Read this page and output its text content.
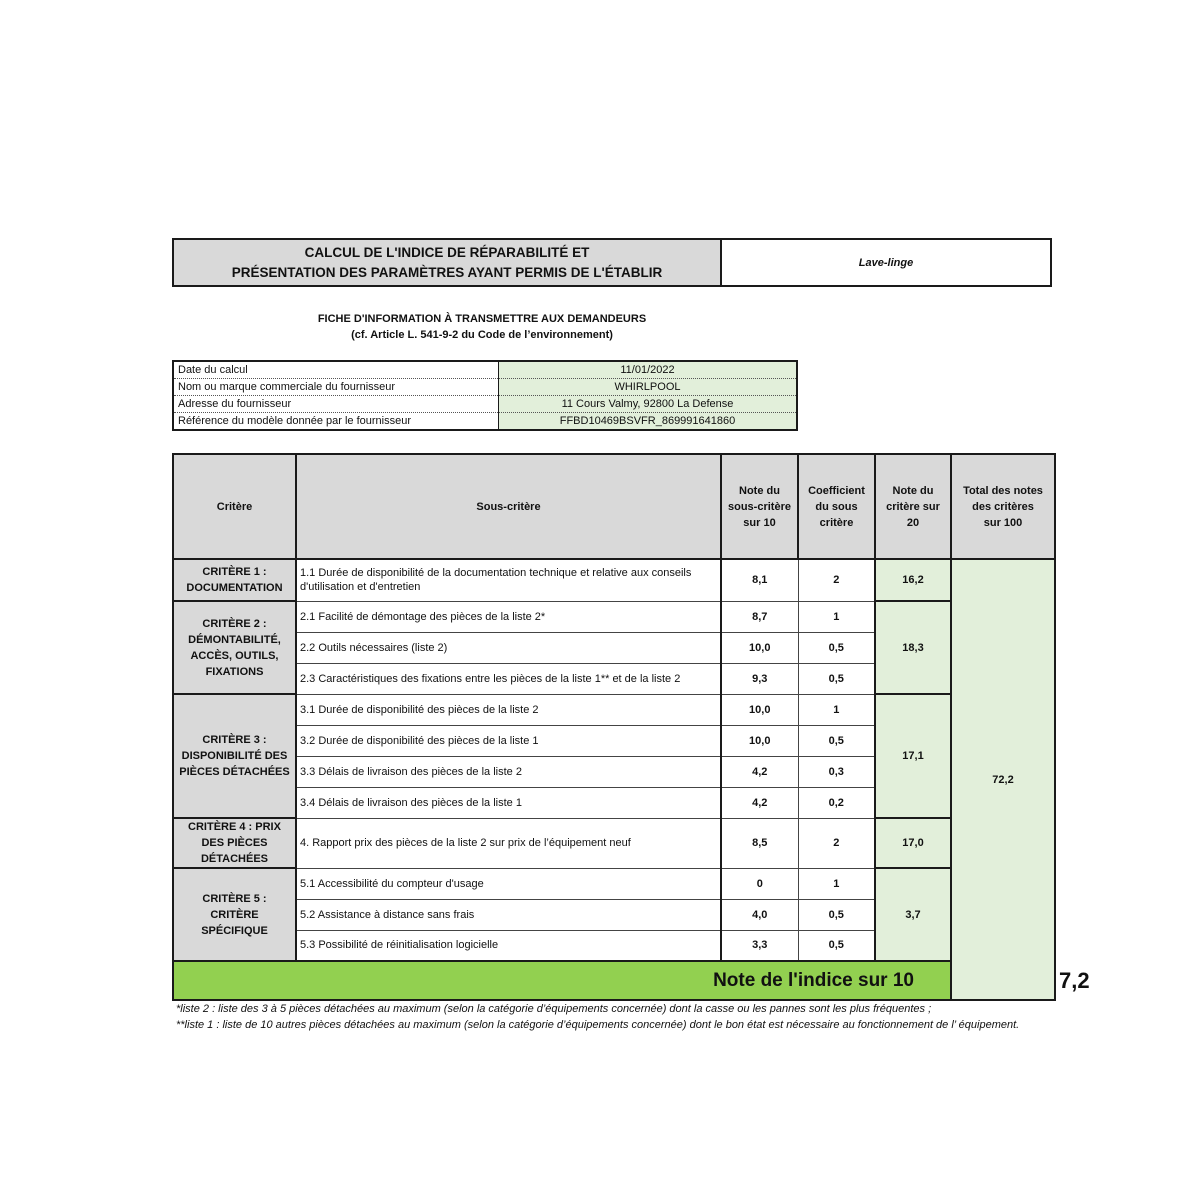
CALCUL DE L'INDICE DE RÉPARABILITÉ ET
PRÉSENTATION DES PARAMÈTRES AYANT PERMIS DE L'ÉTABLIR
Lave-linge
FICHE D'INFORMATION À TRANSMETTRE AUX DEMANDEURS
(cf. Article L. 541-9-2 du Code de l’environnement)
Date du calcul	11/01/2022
Nom ou marque commerciale du fournisseur	WHIRLPOOL
Adresse du fournisseur	11 Cours Valmy, 92800 La Defense
Référence du modèle donnée par le fournisseur	FFBD10469BSVFR_869991641860
Critère	Sous-critère	Note du
sous-critère
sur 10	Coefficient
du sous
critère	Note du
critère sur
20	Total des notes
des critères
sur 100	
CRITÈRE 1 :
DOCUMENTATION	1.1 Durée de disponibilité de la documentation technique et relative aux conseils d'utilisation et d'entretien	8,1	2	16,2	72,2	
CRITÈRE 2 :
DÉMONTABILITÉ,
ACCÈS, OUTILS,
FIXATIONS	2.1 Facilité de démontage des pièces de la liste 2*	8,7	1	18,3		
	2.2 Outils nécessaires (liste 2)	10,0	0,5			
	2.3 Caractéristiques des fixations entre les pièces de la liste 1** et de la liste 2	9,3	0,5			
CRITÈRE 3 :
DISPONIBILITÉ DES
PIÈCES DÉTACHÉES	3.1 Durée de disponibilité des pièces de la liste 2	10,0	1	17,1		
	3.2 Durée de disponibilité des pièces de la liste 1	10,0	0,5			
	3.3 Délais de livraison des pièces de la liste 2	4,2	0,3			
	3.4 Délais de livraison des pièces de la liste 1	4,2	0,2			
CRITÈRE 4 : PRIX
DES PIÈCES
DÉTACHÉES	4. Rapport prix des pièces de la liste 2 sur prix de l’équipement neuf	8,5	2	17,0		
CRITÈRE 5 : CRITÈRE
SPÉCIFIQUE	5.1 Accessibilité du compteur d'usage	0	1	3,7		
	5.2 Assistance à distance sans frais	4,0	0,5			
	5.3 Possibilité de réinitialisation logicielle	3,3	0,5			
Note de l'indice sur 10						7,2
*liste 2 : liste des 3 à 5 pièces détachées au maximum (selon la catégorie d’équipements concernée) dont la casse ou les pannes sont les plus fréquentes ;
**liste 1 : liste de 10 autres pièces détachées au maximum (selon la catégorie d’équipements concernée) dont le bon état est nécessaire au fonctionnement de l’ équipement.
